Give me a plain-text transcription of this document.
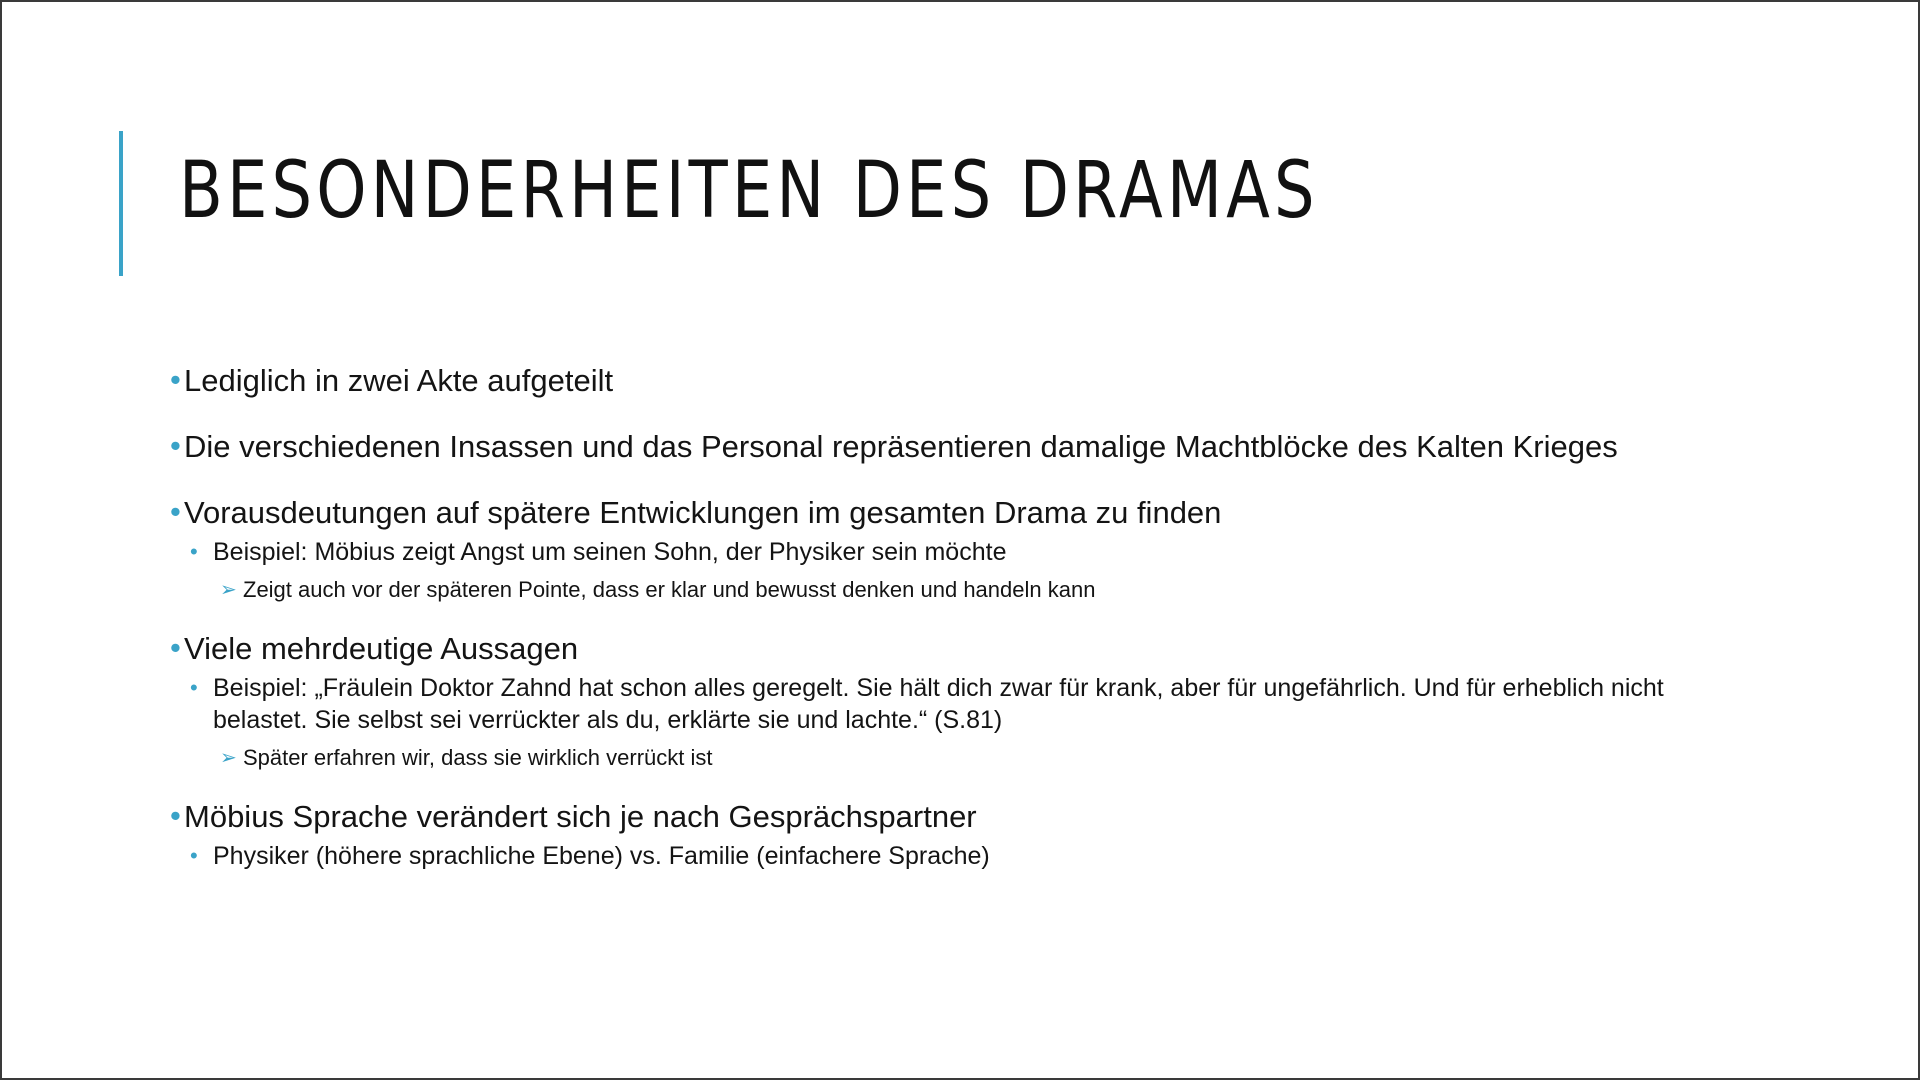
BESONDERHEITEN DES DRAMAS
• Lediglich in zwei Akte aufgeteilt
• Die verschiedenen Insassen und das Personal repräsentieren damalige Machtblöcke des Kalten Krieges
• Vorausdeutungen auf spätere Entwicklungen im gesamten Drama zu finden
• Beispiel: Möbius zeigt Angst um seinen Sohn, der Physiker sein möchte
➢ Zeigt auch vor der späteren Pointe, dass er klar und bewusst denken und handeln kann
• Viele mehrdeutige Aussagen
• Beispiel: „Fräulein Doktor Zahnd hat schon alles geregelt. Sie hält dich zwar für krank, aber für ungefährlich. Und für erheblich nicht belastet. Sie selbst sei verrückter als du, erklärte sie und lachte.“ (S.81)
➢ Später erfahren wir, dass sie wirklich verrückt ist
• Möbius Sprache verändert sich je nach Gesprächspartner
• Physiker (höhere sprachliche Ebene) vs. Familie (einfachere Sprache)
